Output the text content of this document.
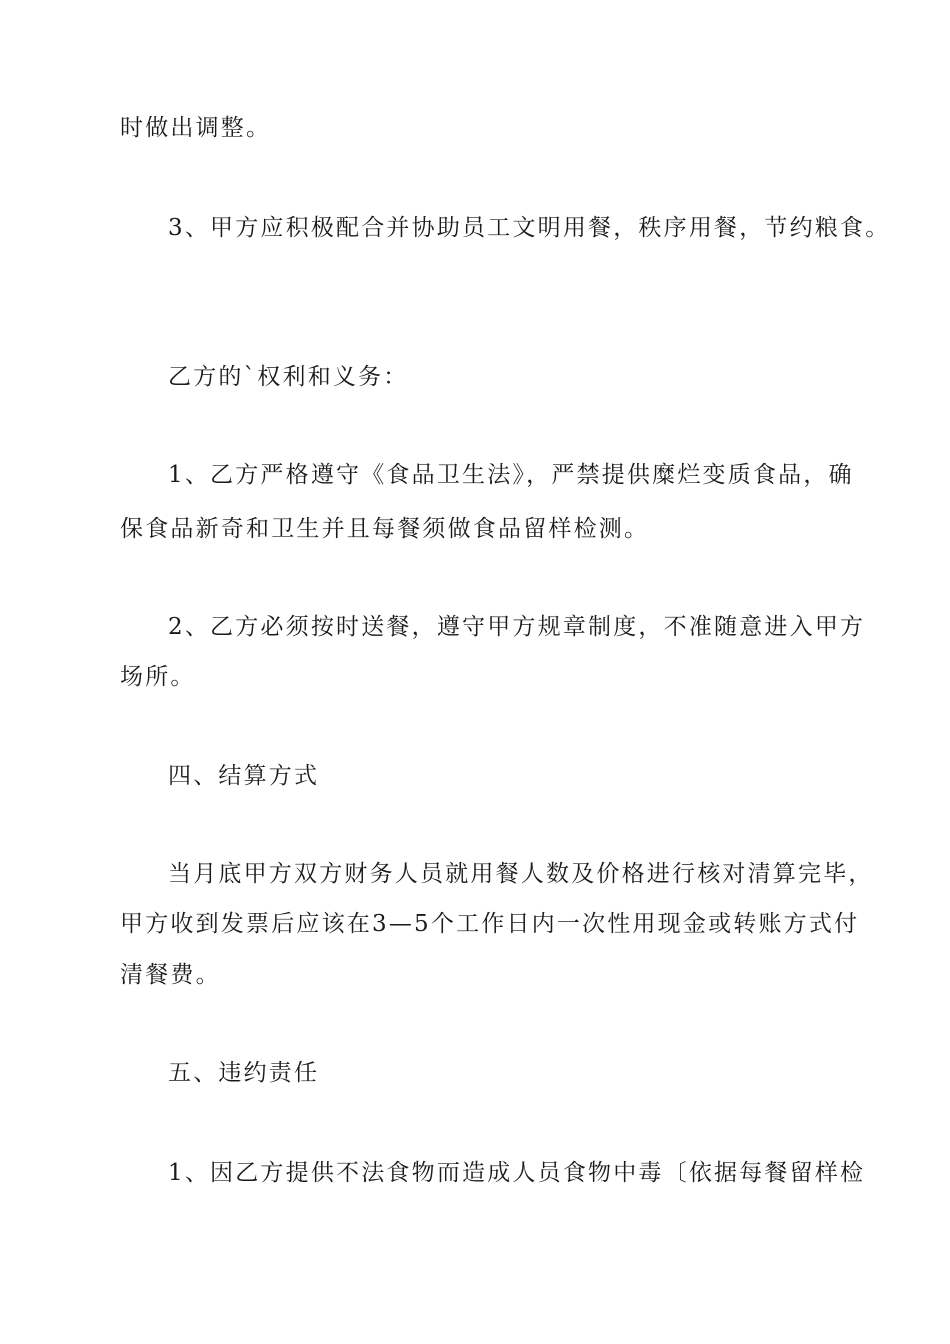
时做出调整。
3、甲方应积极配合并协助员工文明用餐，秩序用餐，节约粮食。
乙方的`权利和义务：
1、乙方严格遵守《食品卫生法》，严禁提供糜烂变质食品，确
保食品新奇和卫生并且每餐须做食品留样检测。
2、乙方必须按时送餐，遵守甲方规章制度，不准随意进入甲方
场所。
四、结算方式
当月底甲方双方财务人员就用餐人数及价格进行核对清算完毕，
甲方收到发票后应该在3—5个工作日内一次性用现金或转账方式付
清餐费。
五、违约责任
1、因乙方提供不法食物而造成人员食物中毒〔依据每餐留样检
